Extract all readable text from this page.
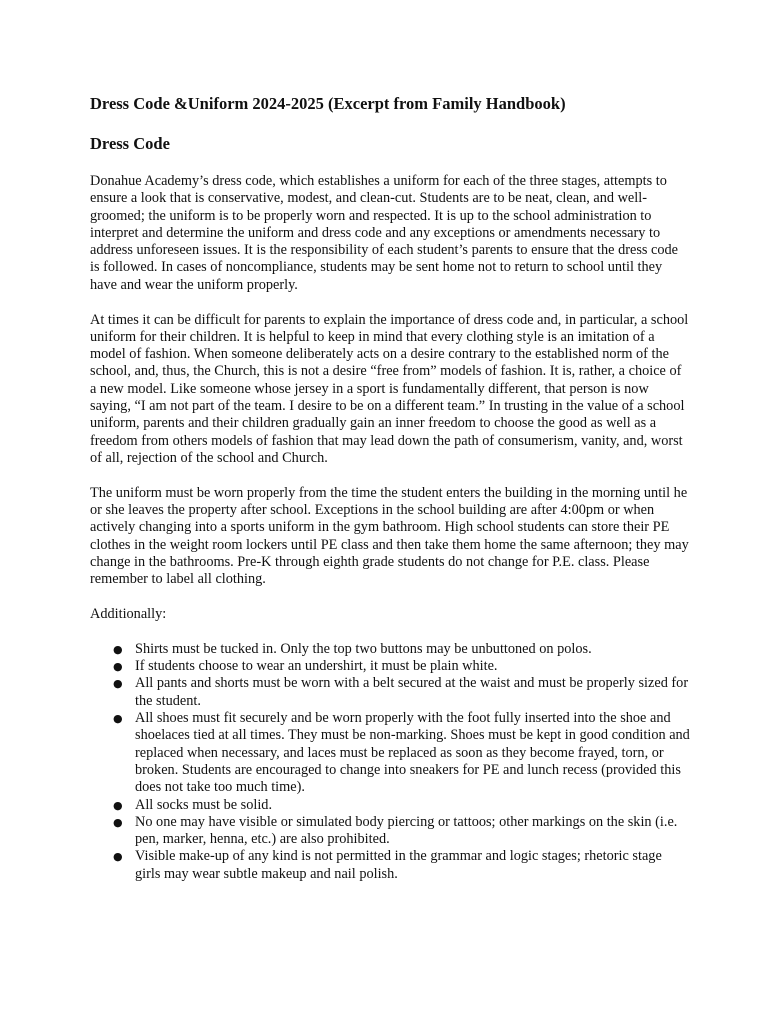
Dress Code &Uniform 2024-2025 (Excerpt from Family Handbook)
Dress Code

Donahue Academy’s dress code, which establishes a uniform for each of the three stages, attempts to ensure a look that is conservative, modest, and clean-cut. Students are to be neat, clean, and well-groomed; the uniform is to be properly worn and respected. It is up to the school administration to interpret and determine the uniform and dress code and any exceptions or amendments necessary to address unforeseen issues. It is the responsibility of each student’s parents to ensure that the dress code is followed. In cases of noncompliance, students may be sent home not to return to school until they have and wear the uniform properly.

At times it can be difficult for parents to explain the importance of dress code and, in particular, a school uniform for their children. It is helpful to keep in mind that every clothing style is an imitation of a model of fashion. When someone deliberately acts on a desire contrary to the established norm of the school, and, thus, the Church, this is not a desire “free from” models of fashion. It is, rather, a choice of a new model. Like someone whose jersey in a sport is fundamentally different, that person is now saying, “I am not part of the team. I desire to be on a different team.” In trusting in the value of a school uniform, parents and their children gradually gain an inner freedom to choose the good as well as a freedom from others models of fashion that may lead down the path of consumerism, vanity, and, worst of all, rejection of the school and Church.

The uniform must be worn properly from the time the student enters the building in the morning until he or she leaves the property after school. Exceptions in the school building are after 4:00pm or when actively changing into a sports uniform in the gym bathroom. High school students can store their PE clothes in the weight room lockers until PE class and then take them home the same afternoon; they may change in the bathrooms. Pre-K through eighth grade students do not change for P.E. class. Please remember to label all clothing.

Additionally:

● Shirts must be tucked in. Only the top two buttons may be unbuttoned on polos.
● If students choose to wear an undershirt, it must be plain white.
● All pants and shorts must be worn with a belt secured at the waist and must be properly sized for the student.
● All shoes must fit securely and be worn properly with the foot fully inserted into the shoe and shoelaces tied at all times. They must be non-marking. Shoes must be kept in good condition and replaced when necessary, and laces must be replaced as soon as they become frayed, torn, or broken. Students are encouraged to change into sneakers for PE and lunch recess (provided this does not take too much time).
● All socks must be solid.
● No one may have visible or simulated body piercing or tattoos; other markings on the skin (i.e. pen, marker, henna, etc.) are also prohibited.
● Visible make-up of any kind is not permitted in the grammar and logic stages; rhetoric stage girls may wear subtle makeup and nail polish.
